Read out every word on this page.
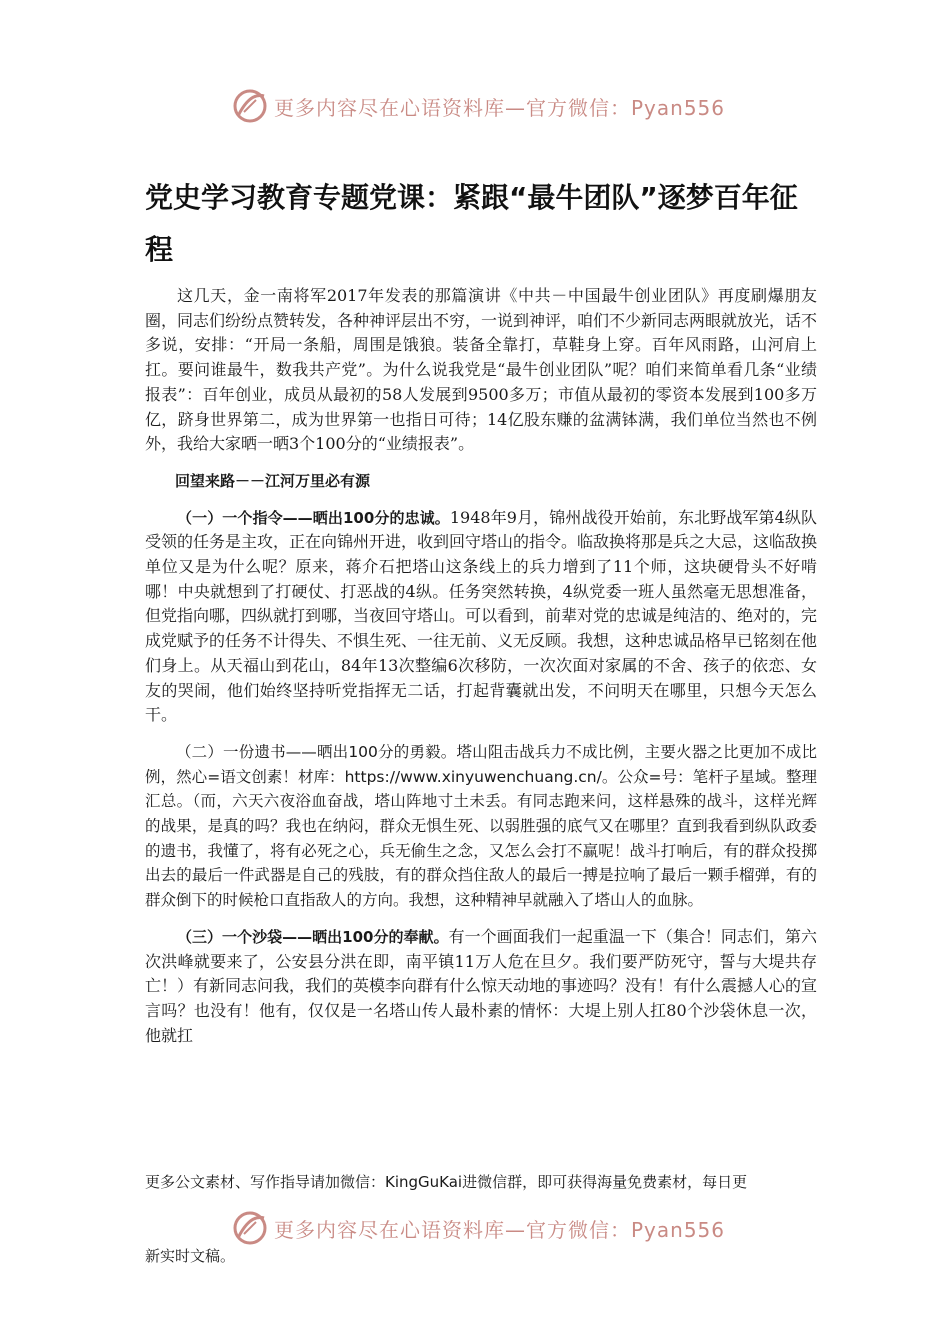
更多内容尽在心语资料库—官方微信：Pyan556
党史学习教育专题党课：紧跟“最牛团队”逐梦百年征程

这几天，金一南将军2017年发表的那篇演讲《中共－中国最牛创业团队》再度刷爆朋友圈，同志们纷纷点赞转发，各种神评层出不穷，一说到神评，咱们不少新同志两眼就放光，话不多说，安排：“开局一条船，周围是饿狼。装备全靠打，草鞋身上穿。百年风雨路，山河肩上扛。要问谁最牛，数我共产党”。为什么说我党是“最牛创业团队”呢？咱们来简单看几条“业绩报表”：百年创业，成员从最初的58人发展到9500多万；市值从最初的零资本发展到100多万亿，跻身世界第二，成为世界第一也指日可待；14亿股东赚的盆满钵满，我们单位当然也不例外，我给大家晒一晒3个100分的“业绩报表”。

回望来路－－江河万里必有源

（一）一个指令——晒出100分的忠诚。1948年9月，锦州战役开始前，东北野战军第4纵队受领的任务是主攻，正在向锦州开进，收到回守塔山的指令。临敌换将那是兵之大忌，这临敌换单位又是为什么呢？原来，蒋介石把塔山这条线上的兵力增到了11个师，这块硬骨头不好啃哪！中央就想到了打硬仗、打恶战的4纵。任务突然转换，4纵党委一班人虽然毫无思想准备，但党指向哪，四纵就打到哪，当夜回守塔山。可以看到，前辈对党的忠诚是纯洁的、绝对的，完成党赋予的任务不计得失、不惧生死、一往无前、义无反顾。我想，这种忠诚品格早已铭刻在他们身上。从天福山到花山，84年13次整编6次移防，一次次面对家属的不舍、孩子的依恋、女友的哭闹，他们始终坚持听党指挥无二话，打起背囊就出发，不问明天在哪里，只想今天怎么干。

（二）一份遗书——晒出100分的勇毅。塔山阻击战兵力不成比例，主要火器之比更加不成比例，然心=语文创素！材库：https://www.xinyuwenchuang.cn/。公众=号：笔杆子星域。整理汇总。（而，六天六夜浴血奋战，塔山阵地寸土未丢。有同志跑来问，这样悬殊的战斗，这样光辉的战果，是真的吗？我也在纳闷，群众无惧生死、以弱胜强的底气又在哪里？直到我看到纵队政委的遗书，我懂了，将有必死之心，兵无偷生之念，又怎么会打不赢呢！战斗打响后，有的群众投掷出去的最后一件武器是自己的残肢，有的群众挡住敌人的最后一搏是拉响了最后一颗手榴弹，有的群众倒下的时候枪口直指敌人的方向。我想，这种精神早就融入了塔山人的血脉。

（三）一个沙袋——晒出100分的奉献。有一个画面我们一起重温一下（集合！同志们，第六次洪峰就要来了，公安县分洪在即，南平镇11万人危在旦夕。我们要严防死守，誓与大堤共存亡！）有新同志问我，我们的英模李向群有什么惊天动地的事迹吗？没有！有什么震撼人心的宣言吗？也没有！他有，仅仅是一名塔山传人最朴素的情怀：大堤上别人扛80个沙袋休息一次，他就扛

更多公文素材、写作指导请加微信：KingGuKai进微信群，即可获得海量免费素材，每日更
更多内容尽在心语资料库—官方微信：Pyan556
新实时文稿。
